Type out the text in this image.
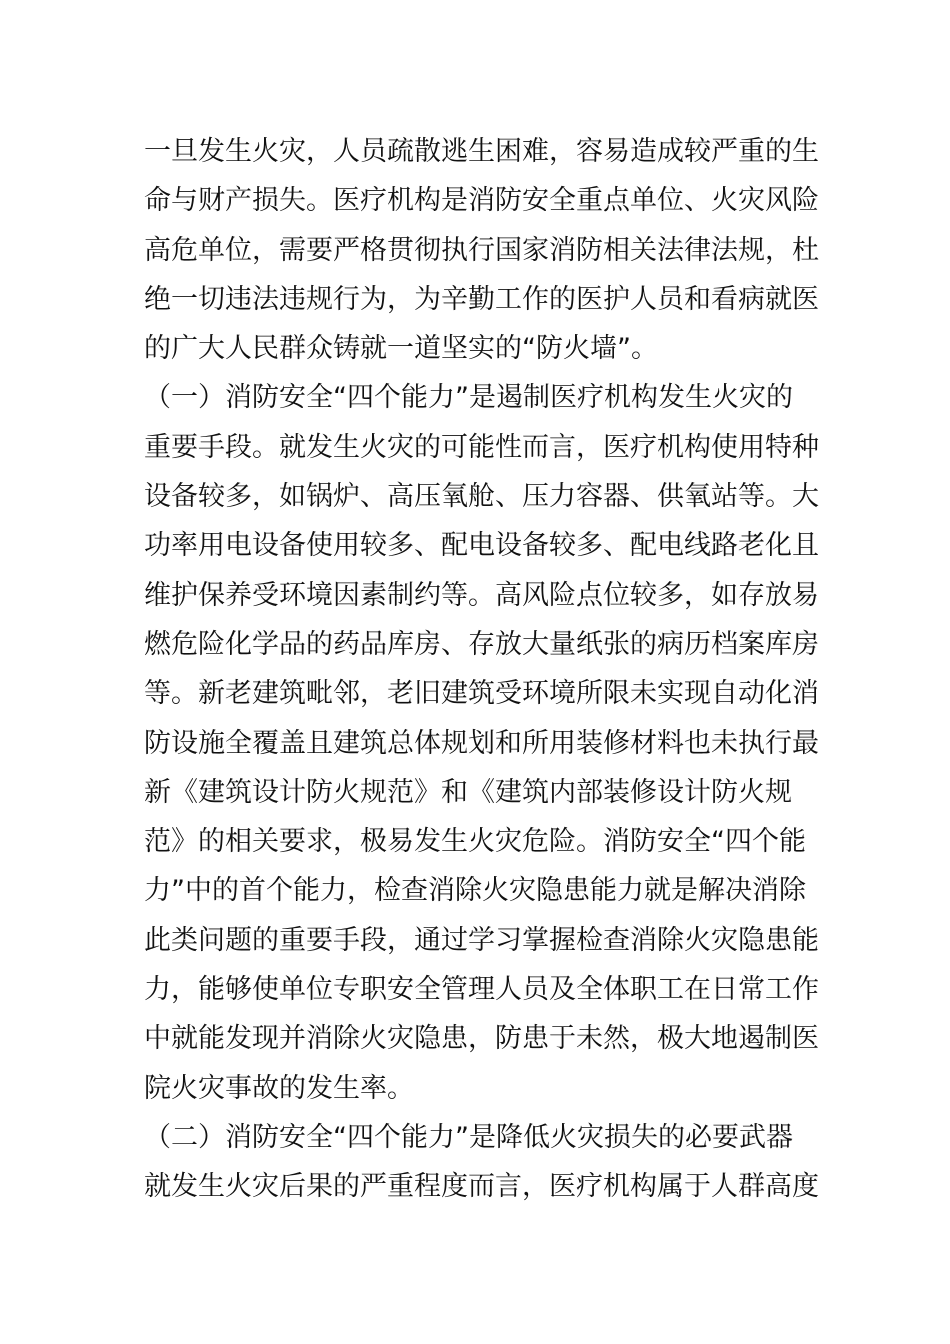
一旦发生火灾，人员疏散逃生困难，容易造成较严重的生
命与财产损失。医疗机构是消防安全重点单位、火灾风险
高危单位，需要严格贯彻执行国家消防相关法律法规，杜
绝一切违法违规行为，为辛勤工作的医护人员和看病就医
的广大人民群众铸就一道坚实的“防火墙”。
（一）消防安全“四个能力”是遏制医疗机构发生火灾的
重要手段。就发生火灾的可能性而言，医疗机构使用特种
设备较多，如锅炉、高压氧舱、压力容器、供氧站等。大
功率用电设备使用较多、配电设备较多、配电线路老化且
维护保养受环境因素制约等。高风险点位较多，如存放易
燃危险化学品的药品库房、存放大量纸张的病历档案库房
等。新老建筑毗邻，老旧建筑受环境所限未实现自动化消
防设施全覆盖且建筑总体规划和所用装修材料也未执行最
新《建筑设计防火规范》和《建筑内部装修设计防火规
范》的相关要求，极易发生火灾危险。消防安全“四个能
力”中的首个能力，检查消除火灾隐患能力就是解决消除
此类问题的重要手段，通过学习掌握检查消除火灾隐患能
力，能够使单位专职安全管理人员及全体职工在日常工作
中就能发现并消除火灾隐患，防患于未然，极大地遏制医
院火灾事故的发生率。
（二）消防安全“四个能力”是降低火灾损失的必要武器
就发生火灾后果的严重程度而言，医疗机构属于人群高度
